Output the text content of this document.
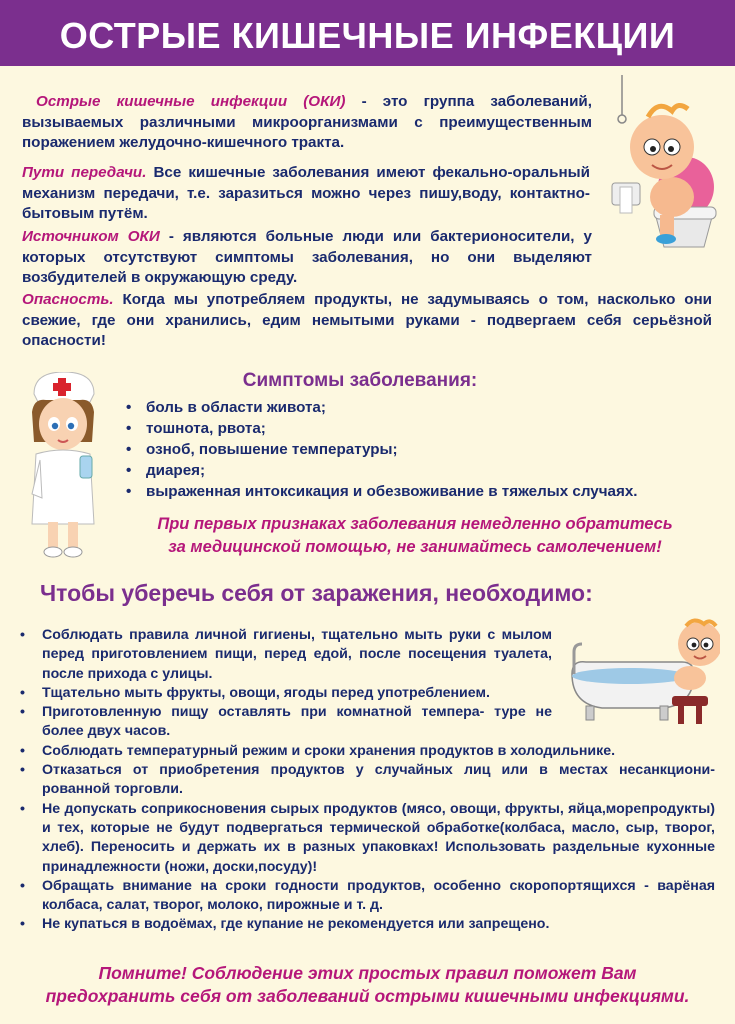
ОСТРЫЕ КИШЕЧНЫЕ ИНФЕКЦИИ

Острые кишечные инфекции (ОКИ) - это группа заболеваний, вызываемых различными микроорганизмами с преимущественным поражением желудочно-кишечного тракта.

Пути передачи. Все кишечные заболевания имеют фекально-оральный механизм передачи, т.е. заразиться можно через пишу,воду, контактно-бытовым путём.

Источником ОКИ - являются больные люди или бактерионосители, у которых отсутствуют симптомы заболевания, но они выделяют возбудителей в окружающую среду.

Опасность. Когда мы употребляем продукты, не задумываясь о том, насколько они свежие, где они хранились, едим немытыми руками - подвергаем себя серьёзной опасности!

Симптомы заболевания:
• боль в области живота;
• тошнота, рвота;
• озноб, повышение температуры;
• диарея;
• выраженная интоксикация и обезвоживание в тяжелых случаях.
При первых признаках заболевания немедленно обратитесь
за медицинской помощью, не занимайтесь самолечением!
Чтобы уберечь себя от заражения, необходимо:
• Соблюдать правила личной гигиены, тщательно мыть руки с мылом перед приготовлением пищи, перед едой, после посещения туалета, после прихода с улицы.
• Тщательно мыть фрукты, овощи, ягоды перед употреблением.
• Приготовленную пищу оставлять при комнатной темпера- туре не более двух часов.
• Соблюдать температурный режим и сроки хранения продуктов в холодильнике.
• Отказаться от приобретения продуктов у случайных лиц или в местах несанкциони- рованной торговли.
• Не допускать соприкосновения сырых продуктов (мясо, овощи, фрукты, яйца,морепродукты) и тех, которые не будут подвергаться термической обработке(колбаса, масло, сыр, творог, хлеб). Переносить и держать их в разных упаковках! Использовать раздельные кухонные принадлежности (ножи, доски,посуду)!
• Обращать внимание на сроки годности продуктов, особенно скоропортящихся - варёная колбаса, салат, творог, молоко, пирожные и т. д.
• Не купаться в водоёмах, где купание не рекомендуется или запрещено.
Помните! Соблюдение этих простых правил поможет Вам
предохранить себя от заболеваний острыми кишечными инфекциями.
